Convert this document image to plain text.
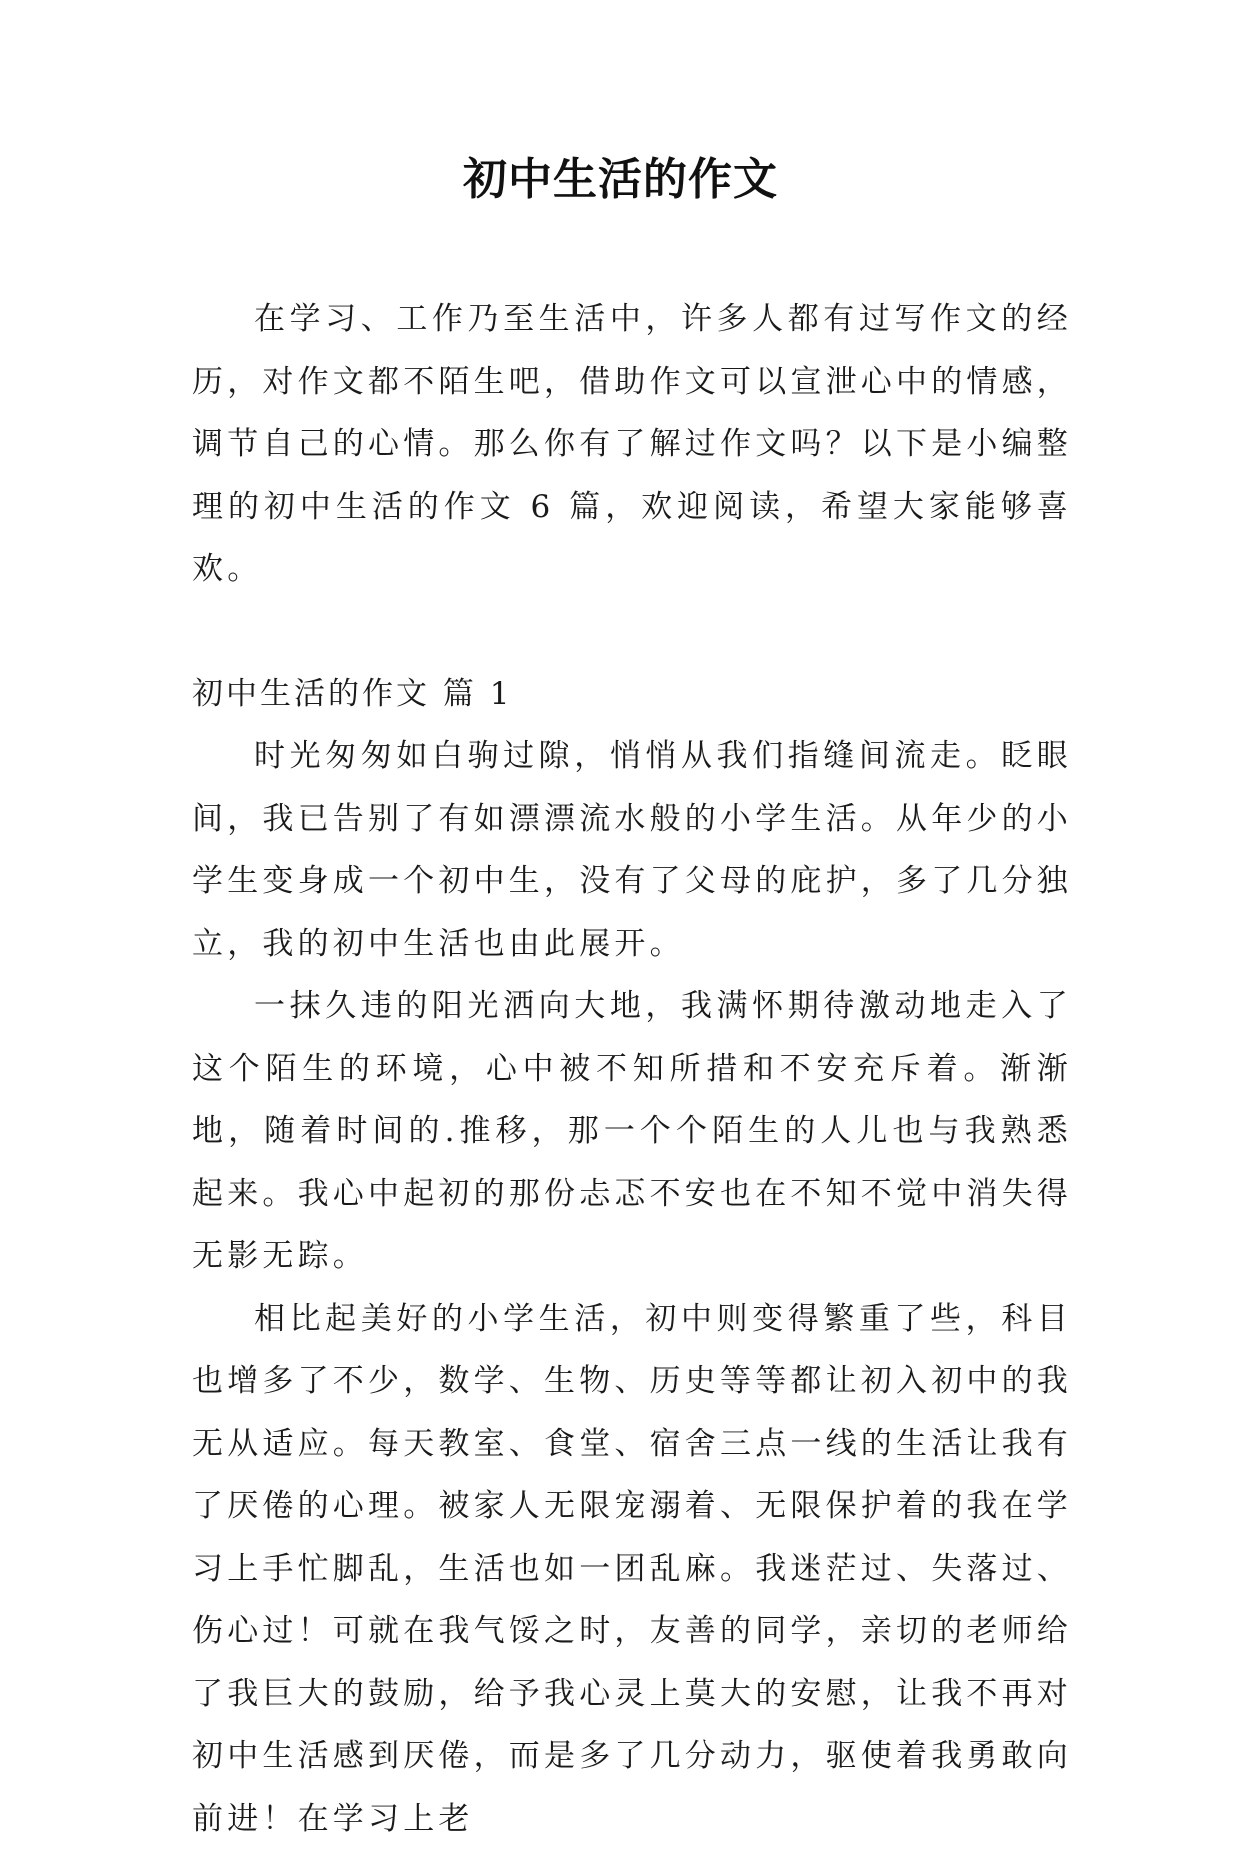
初中生活的作文

在学习、工作乃至生活中，许多人都有过写作文的经历，对作文都不陌生吧，借助作文可以宣泄心中的情感，调节自己的心情。那么你有了解过作文吗？以下是小编整理的初中生活的作文 6 篇，欢迎阅读，希望大家能够喜欢。

初中生活的作文 篇 1

时光匆匆如白驹过隙，悄悄从我们指缝间流走。眨眼间，我已告别了有如漂漂流水般的小学生活。从年少的小学生变身成一个初中生，没有了父母的庇护，多了几分独立，我的初中生活也由此展开。

一抹久违的阳光洒向大地，我满怀期待激动地走入了这个陌生的环境，心中被不知所措和不安充斥着。渐渐地，随着时间的.推移，那一个个陌生的人儿也与我熟悉起来。我心中起初的那份忐忑不安也在不知不觉中消失得无影无踪。

相比起美好的小学生活，初中则变得繁重了些，科目也增多了不少，数学、生物、历史等等都让初入初中的我无从适应。每天教室、食堂、宿舍三点一线的生活让我有了厌倦的心理。被家人无限宠溺着、无限保护着的我在学习上手忙脚乱，生活也如一团乱麻。我迷茫过、失落过、伤心过！可就在我气馁之时，友善的同学，亲切的老师给了我巨大的鼓励，给予我心灵上莫大的安慰，让我不再对初中生活感到厌倦，而是多了几分动力，驱使着我勇敢向前进！在学习上老
